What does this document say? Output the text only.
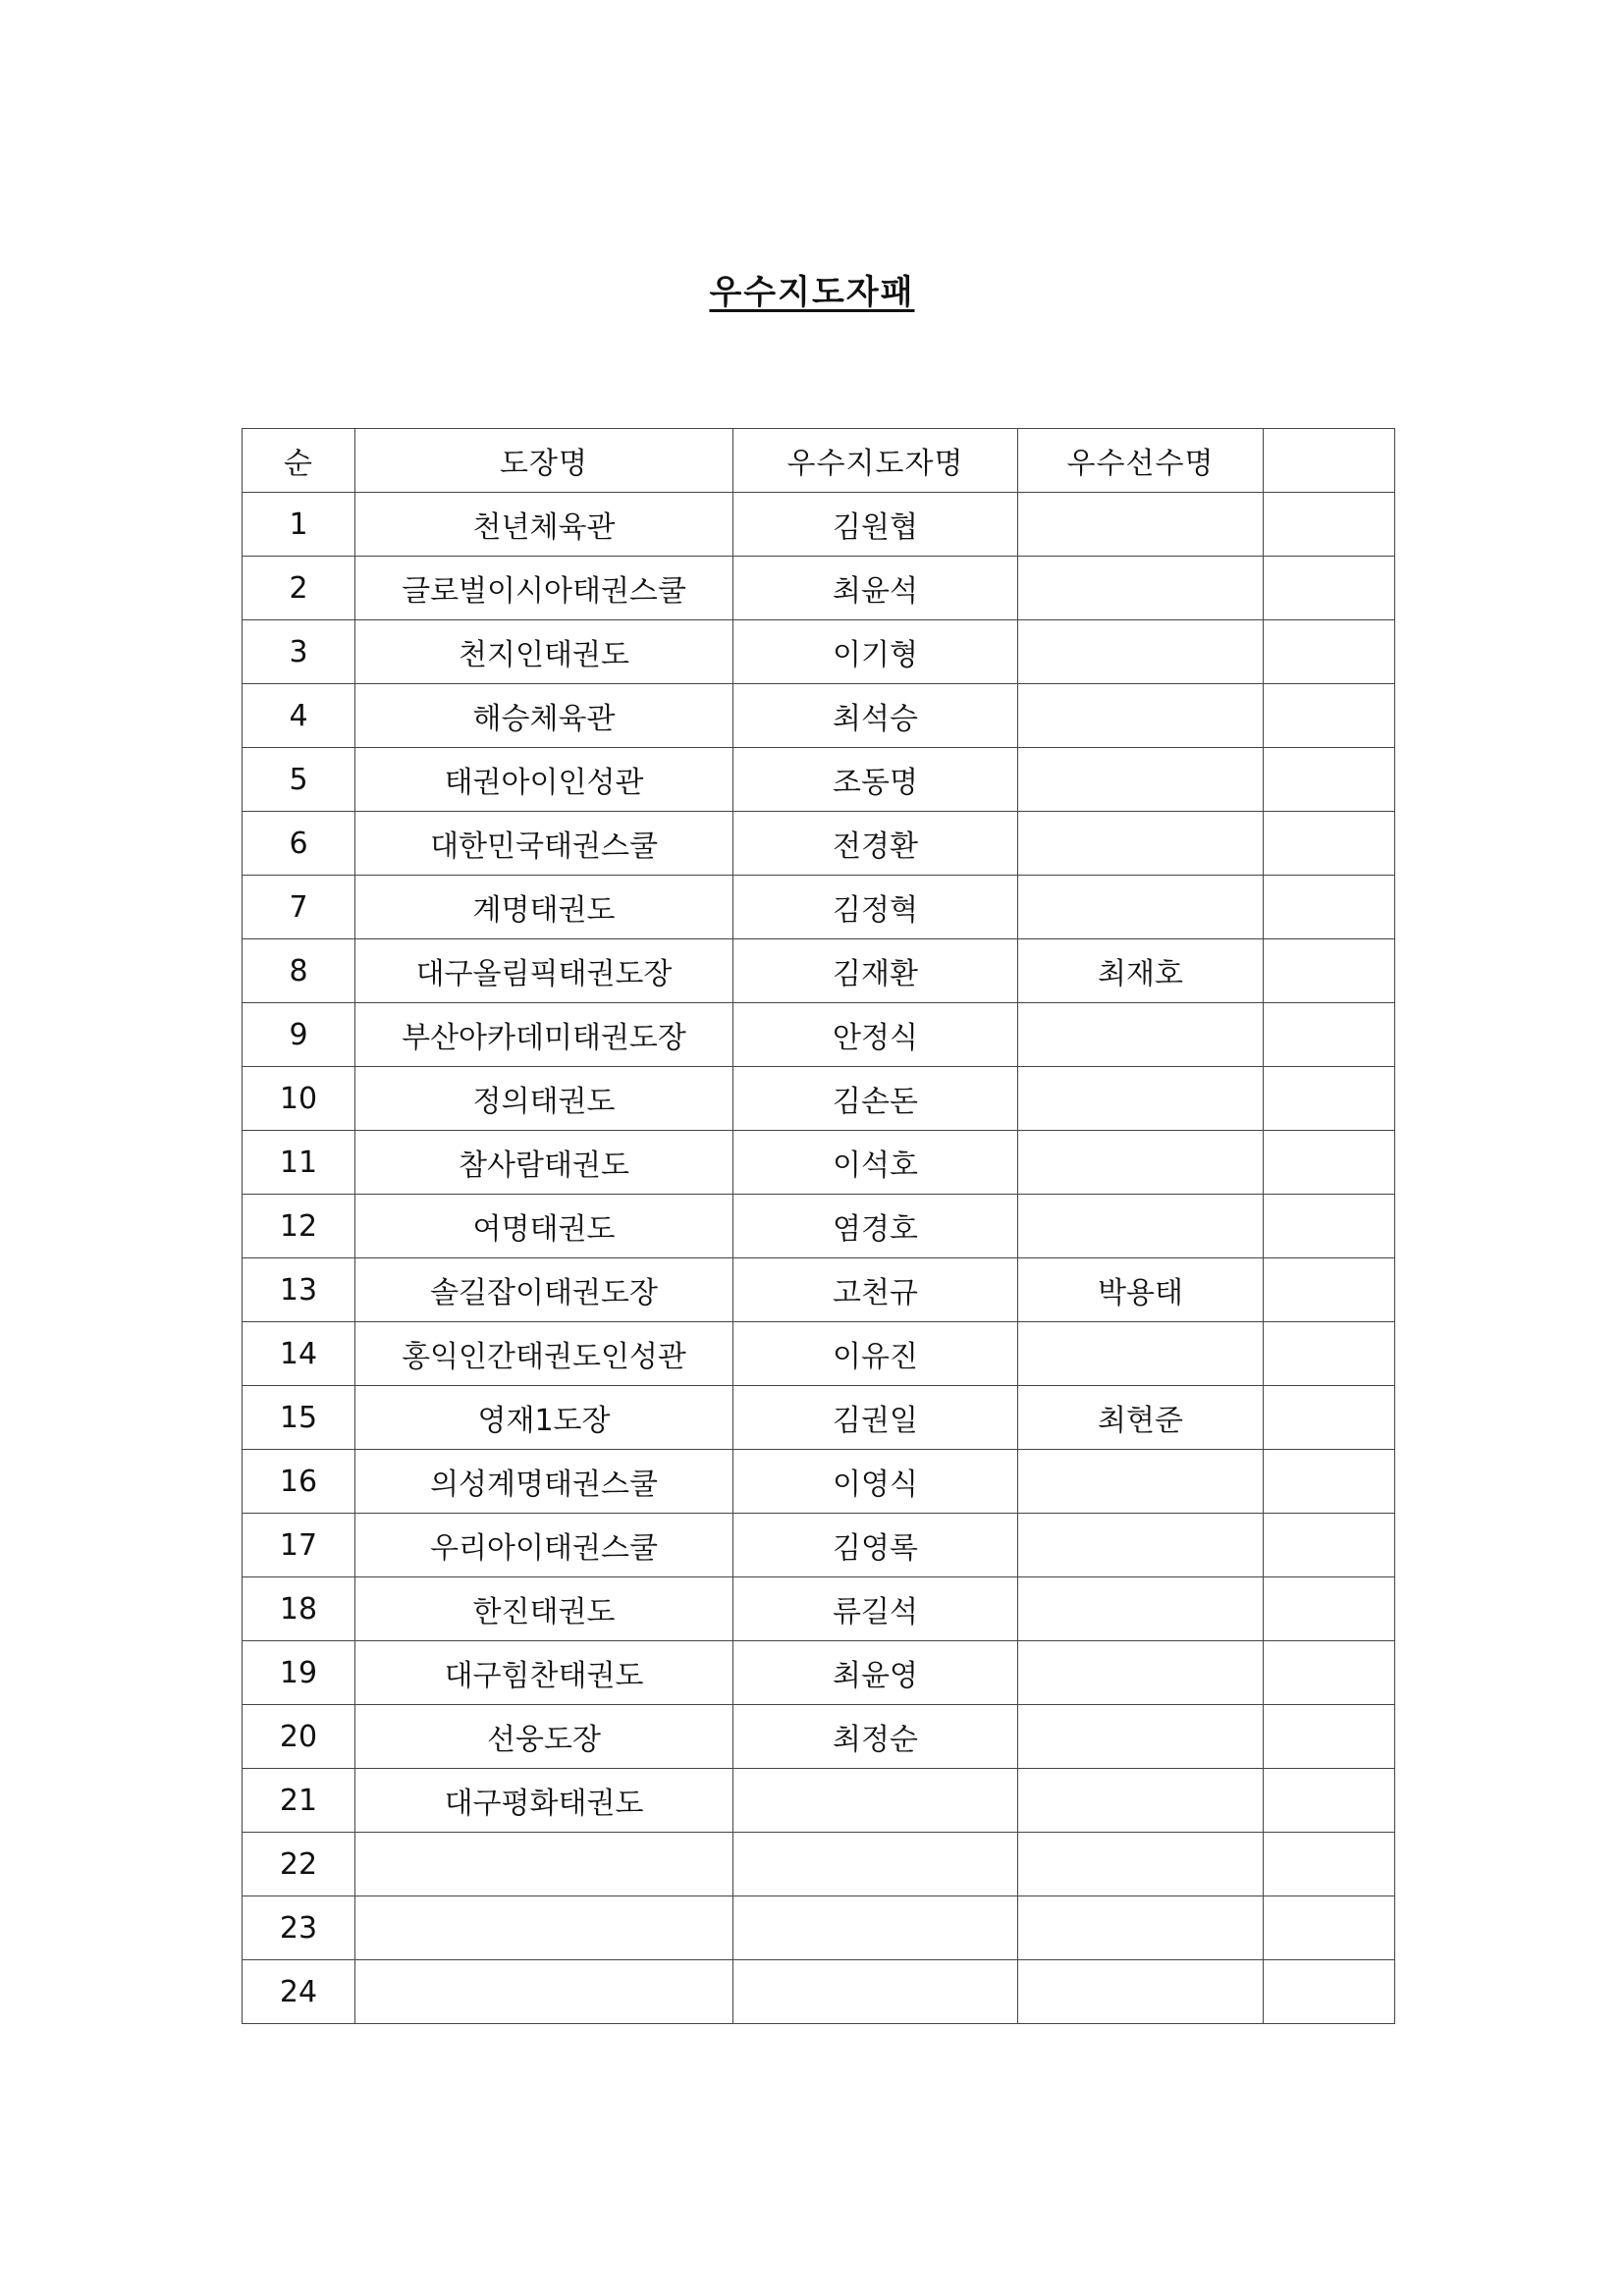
우수지도자패
순	도장명	우수지도자명	우수선수명	
1	천년체육관	김원협		
2	글로벌이시아태권스쿨	최윤석		
3	천지인태권도	이기형		
4	해승체육관	최석승		
5	태권아이인성관	조동명		
6	대한민국태권스쿨	전경환		
7	계명태권도	김정혁		
8	대구올림픽태권도장	김재환	최재호	
9	부산아카데미태권도장	안정식		
10	정의태권도	김손돈		
11	참사람태권도	이석호		
12	여명태권도	염경호		
13	솔길잡이태권도장	고천규	박용태	
14	홍익인간태권도인성관	이유진		
15	영재1도장	김권일	최현준	
16	의성계명태권스쿨	이영식		
17	우리아이태권스쿨	김영록		
18	한진태권도	류길석		
19	대구힘찬태권도	최윤영		
20	선웅도장	최정순		
21	대구평화태권도			
22				
23				
24				
